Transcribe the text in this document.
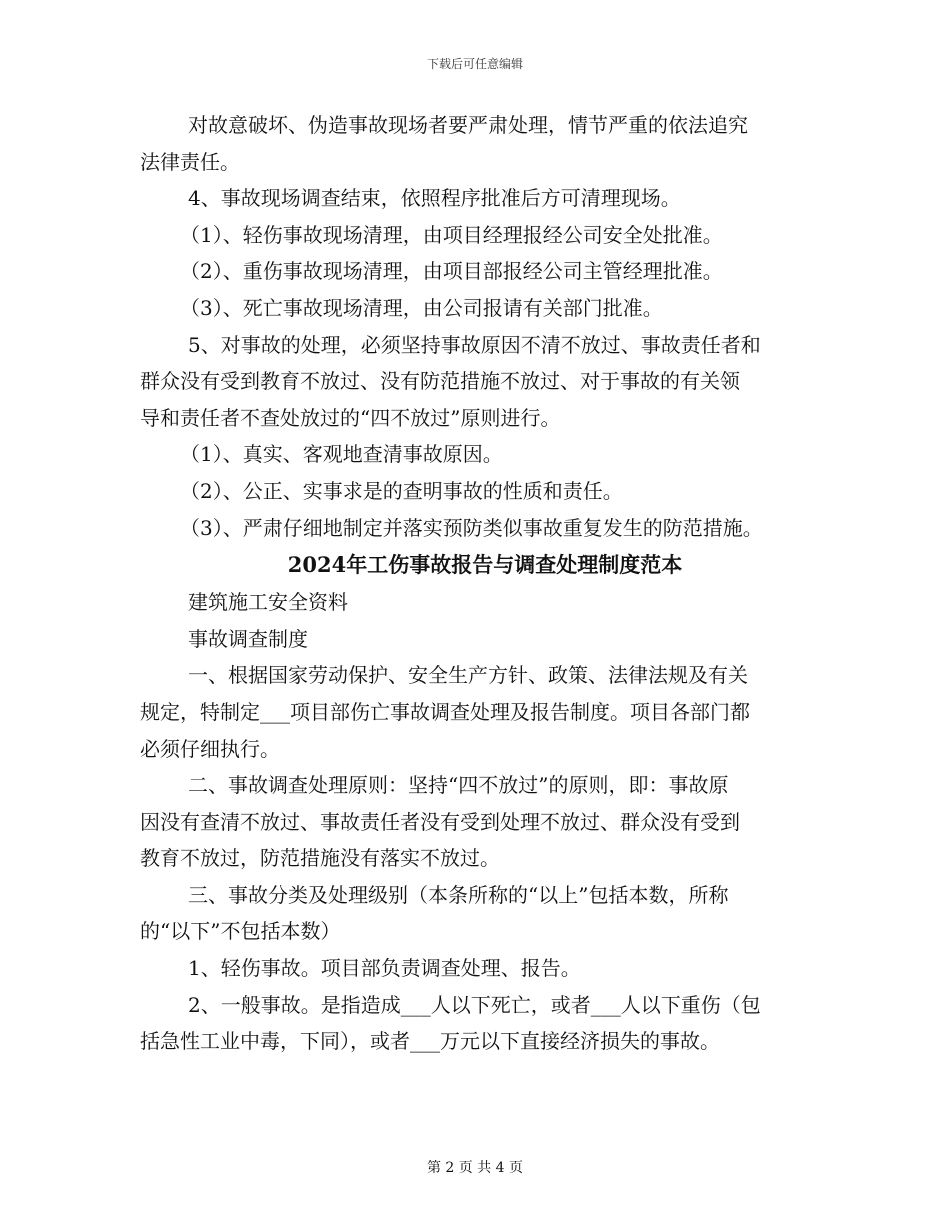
下载后可任意编辑
对故意破坏、伪造事故现场者要严肃处理，情节严重的依法追究
法律责任。
4、事故现场调查结束，依照程序批准后方可清理现场。
（1）、轻伤事故现场清理，由项目经理报经公司安全处批准。
（2）、重伤事故现场清理，由项目部报经公司主管经理批准。
（3）、死亡事故现场清理，由公司报请有关部门批准。
5、对事故的处理，必须坚持事故原因不清不放过、事故责任者和
群众没有受到教育不放过、没有防范措施不放过、对于事故的有关领
导和责任者不查处放过的“四不放过”原则进行。
（1）、真实、客观地查清事故原因。
（2）、公正、实事求是的查明事故的性质和责任。
（3）、严肃仔细地制定并落实预防类似事故重复发生的防范措施。
2024年工伤事故报告与调查处理制度范本
建筑施工安全资料
事故调查制度
一、根据国家劳动保护、安全生产方针、政策、法律法规及有关
规定，特制定___项目部伤亡事故调查处理及报告制度。项目各部门都
必须仔细执行。
二、事故调查处理原则：坚持“四不放过”的原则，即：事故原
因没有查清不放过、事故责任者没有受到处理不放过、群众没有受到
教育不放过，防范措施没有落实不放过。
三、事故分类及处理级别（本条所称的“以上”包括本数，所称
的“以下”不包括本数）
1、轻伤事故。项目部负责调查处理、报告。
2、一般事故。是指造成___人以下死亡，或者___人以下重伤（包
括急性工业中毒，下同），或者___万元以下直接经济损失的事故。
第 2 页 共 4 页
